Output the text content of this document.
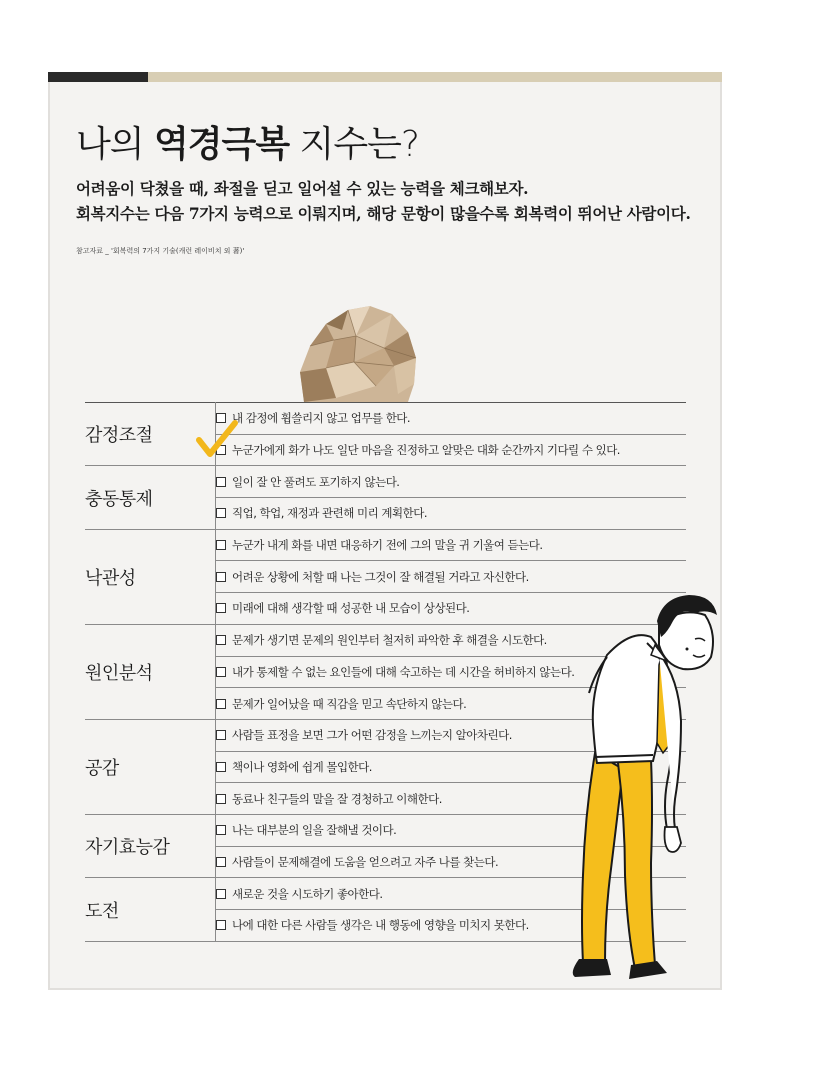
나의 역경극복 지수는?
어려움이 닥쳤을 때, 좌절을 딛고 일어설 수 있는 능력을 체크해보자.
회복지수는 다음 7가지 능력으로 이뤄지며, 해당 문항이 많을수록 회복력이 뛰어난 사람이다.
참고자료 _ '회복력의 7가지 기술(캐런 레이비치 외 著)'
감정조절	내 감정에 휩쓸리지 않고 업무를 한다.
	누군가에게 화가 나도 일단 마음을 진정하고 알맞은 대화 순간까지 기다릴 수 있다.
충동통제	일이 잘 안 풀려도 포기하지 않는다.
	직업, 학업, 재정과 관련해 미리 계획한다.
낙관성	누군가 내게 화를 내면 대응하기 전에 그의 말을 귀 기울여 듣는다.
	어려운 상황에 처할 때 나는 그것이 잘 해결될 거라고 자신한다.
	미래에 대해 생각할 때 성공한 내 모습이 상상된다.
원인분석	문제가 생기면 문제의 원인부터 철저히 파악한 후 해결을 시도한다.
	내가 통제할 수 없는 요인들에 대해 숙고하는 데 시간을 허비하지 않는다.
	문제가 일어났을 때 직감을 믿고 속단하지 않는다.
공감	사람들 표정을 보면 그가 어떤 감정을 느끼는지 알아차린다.
	책이나 영화에 쉽게 몰입한다.
	동료나 친구들의 말을 잘 경청하고 이해한다.
자기효능감	나는 대부분의 일을 잘해낼 것이다.
	사람들이 문제해결에 도움을 얻으려고 자주 나를 찾는다.
도전	새로운 것을 시도하기 좋아한다.
	나에 대한 다른 사람들 생각은 내 행동에 영향을 미치지 못한다.
